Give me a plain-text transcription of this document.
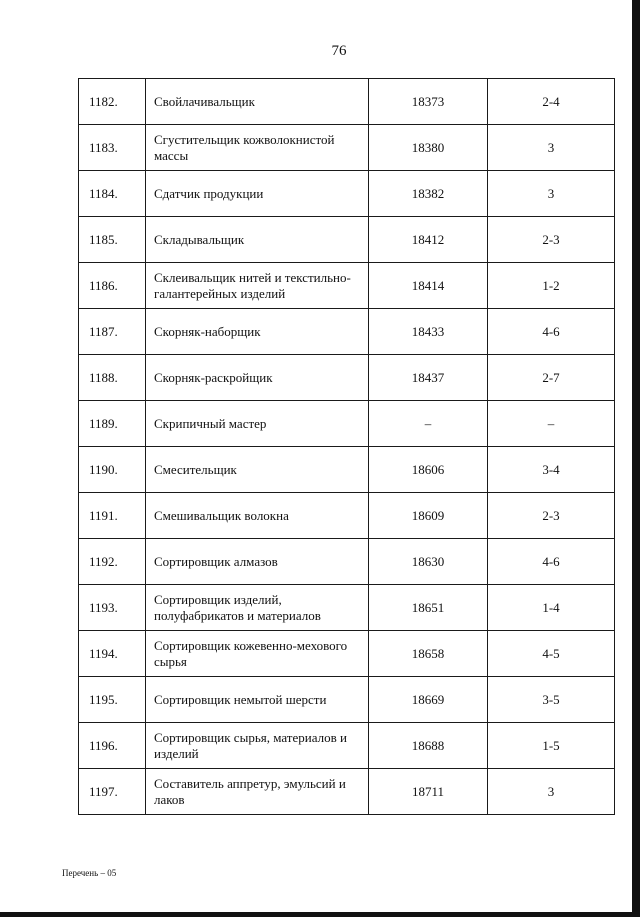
76
1182.	Свойлачивальщик	18373	2-4
1183.	Сгустительщик кожволокнистой массы	18380	3
1184.	Сдатчик продукции	18382	3
1185.	Складывальщик	18412	2-3
1186.	Склеивальщик нитей и текстильно-галантерейных изделий	18414	1-2
1187.	Скорняк-наборщик	18433	4-6
1188.	Скорняк-раскройщик	18437	2-7
1189.	Скрипичный мастер	–	–
1190.	Смесительщик	18606	3-4
1191.	Смешивальщик волокна	18609	2-3
1192.	Сортировщик алмазов	18630	4-6
1193.	Сортировщик изделий, полуфабрикатов и материалов	18651	1-4
1194.	Сортировщик кожевенно-мехового сырья	18658	4-5
1195.	Сортировщик немытой шерсти	18669	3-5
1196.	Сортировщик сырья, материалов и изделий	18688	1-5
1197.	Составитель аппретур, эмульсий и лаков	18711	3
Перечень – 05
